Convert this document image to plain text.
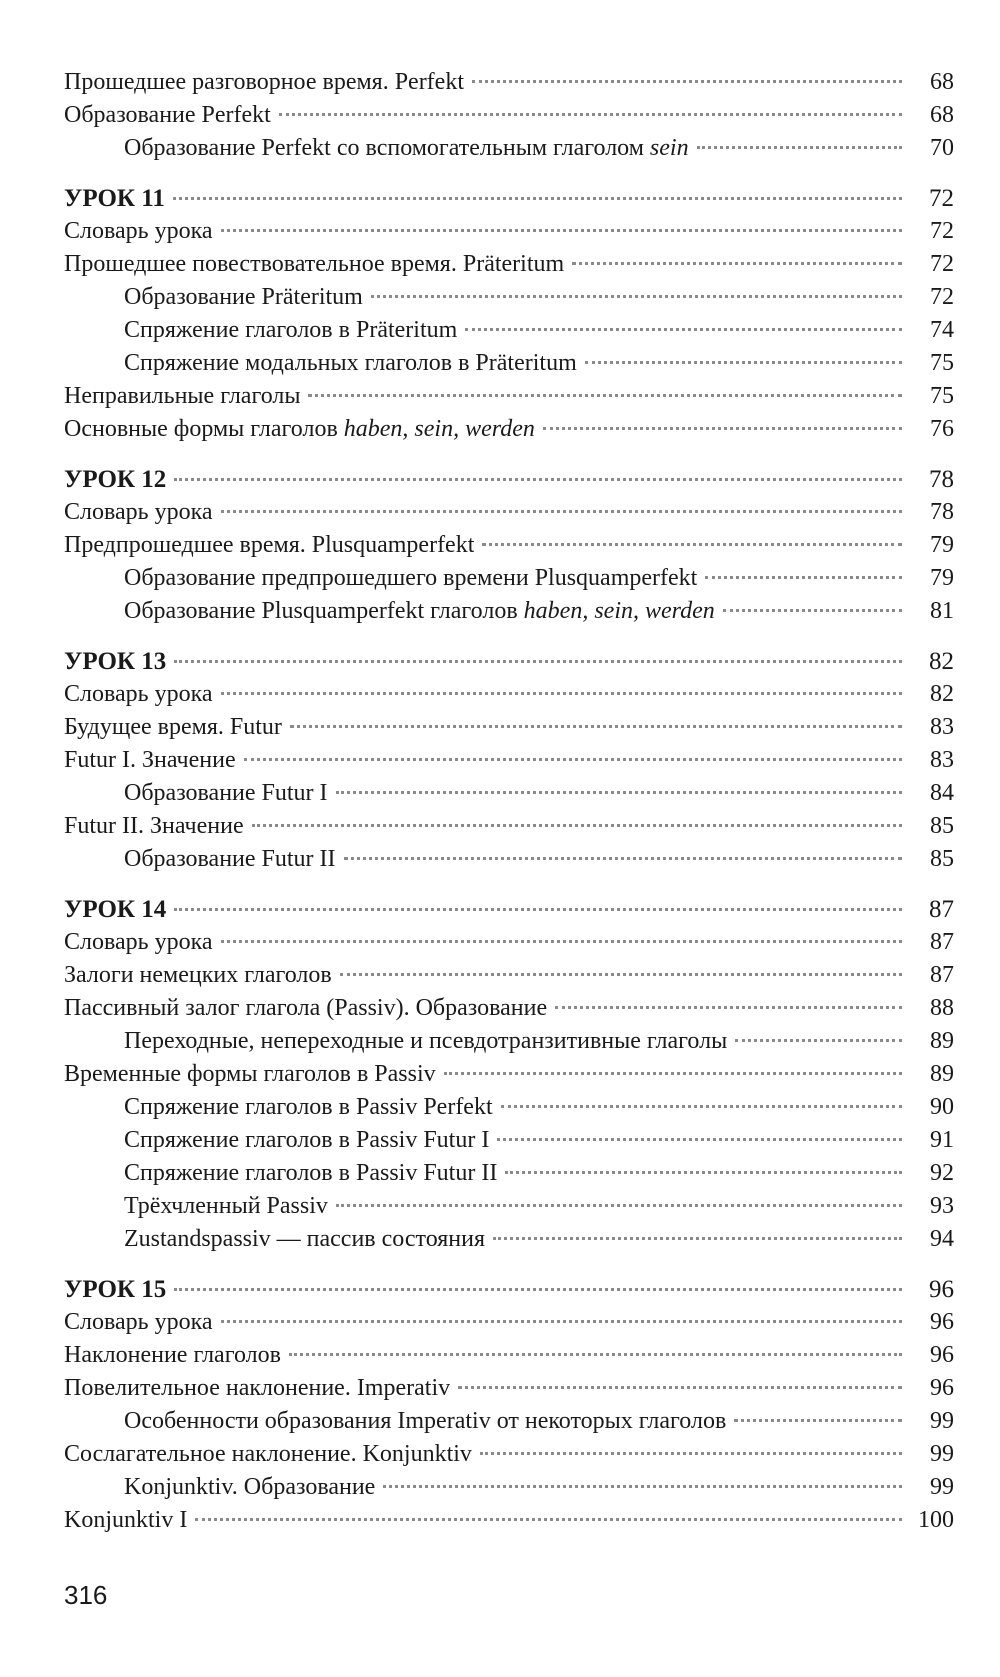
Прошедшее разговорное время. Perfekt	68
Образование Perfekt	68
Образование Perfekt со вспомогательным глаголом sein	70
УРОК 11	72
Словарь урока	72
Прошедшее повествовательное время. Präteritum	72
Образование Präteritum	72
Спряжение глаголов в Präteritum	74
Спряжение модальных глаголов в Präteritum	75
Неправильные глаголы	75
Основные формы глаголов haben, sein, werden	76
УРОК 12	78
Словарь урока	78
Предпрошедшее время. Plusquamperfekt	79
Образование предпрошедшего времени Plusquamperfekt	79
Образование Plusquamperfekt глаголов haben, sein, werden	81
УРОК 13	82
Словарь урока	82
Будущее время. Futur	83
Futur I. Значение	83
Образование Futur I	84
Futur II. Значение	85
Образование Futur II	85
УРОК 14	87
Словарь урока	87
Залоги немецких глаголов	87
Пассивный залог глагола (Passiv). Образование	88
Переходные, непереходные и псевдотранзитивные глаголы	89
Временные формы глаголов в Passiv	89
Спряжение глаголов в Passiv Perfekt	90
Спряжение глаголов в Passiv Futur I	91
Спряжение глаголов в Passiv Futur II	92
Трёхчленный Passiv	93
Zustandspassiv — пассив состояния	94
УРОК 15	96
Словарь урока	96
Наклонение глаголов	96
Повелительное наклонение. Imperativ	96
Особенности образования Imperativ от некоторых глаголов	99
Сослагательное наклонение. Konjunktiv	99
Konjunktiv. Образование	99
Konjunktiv I	100
316
